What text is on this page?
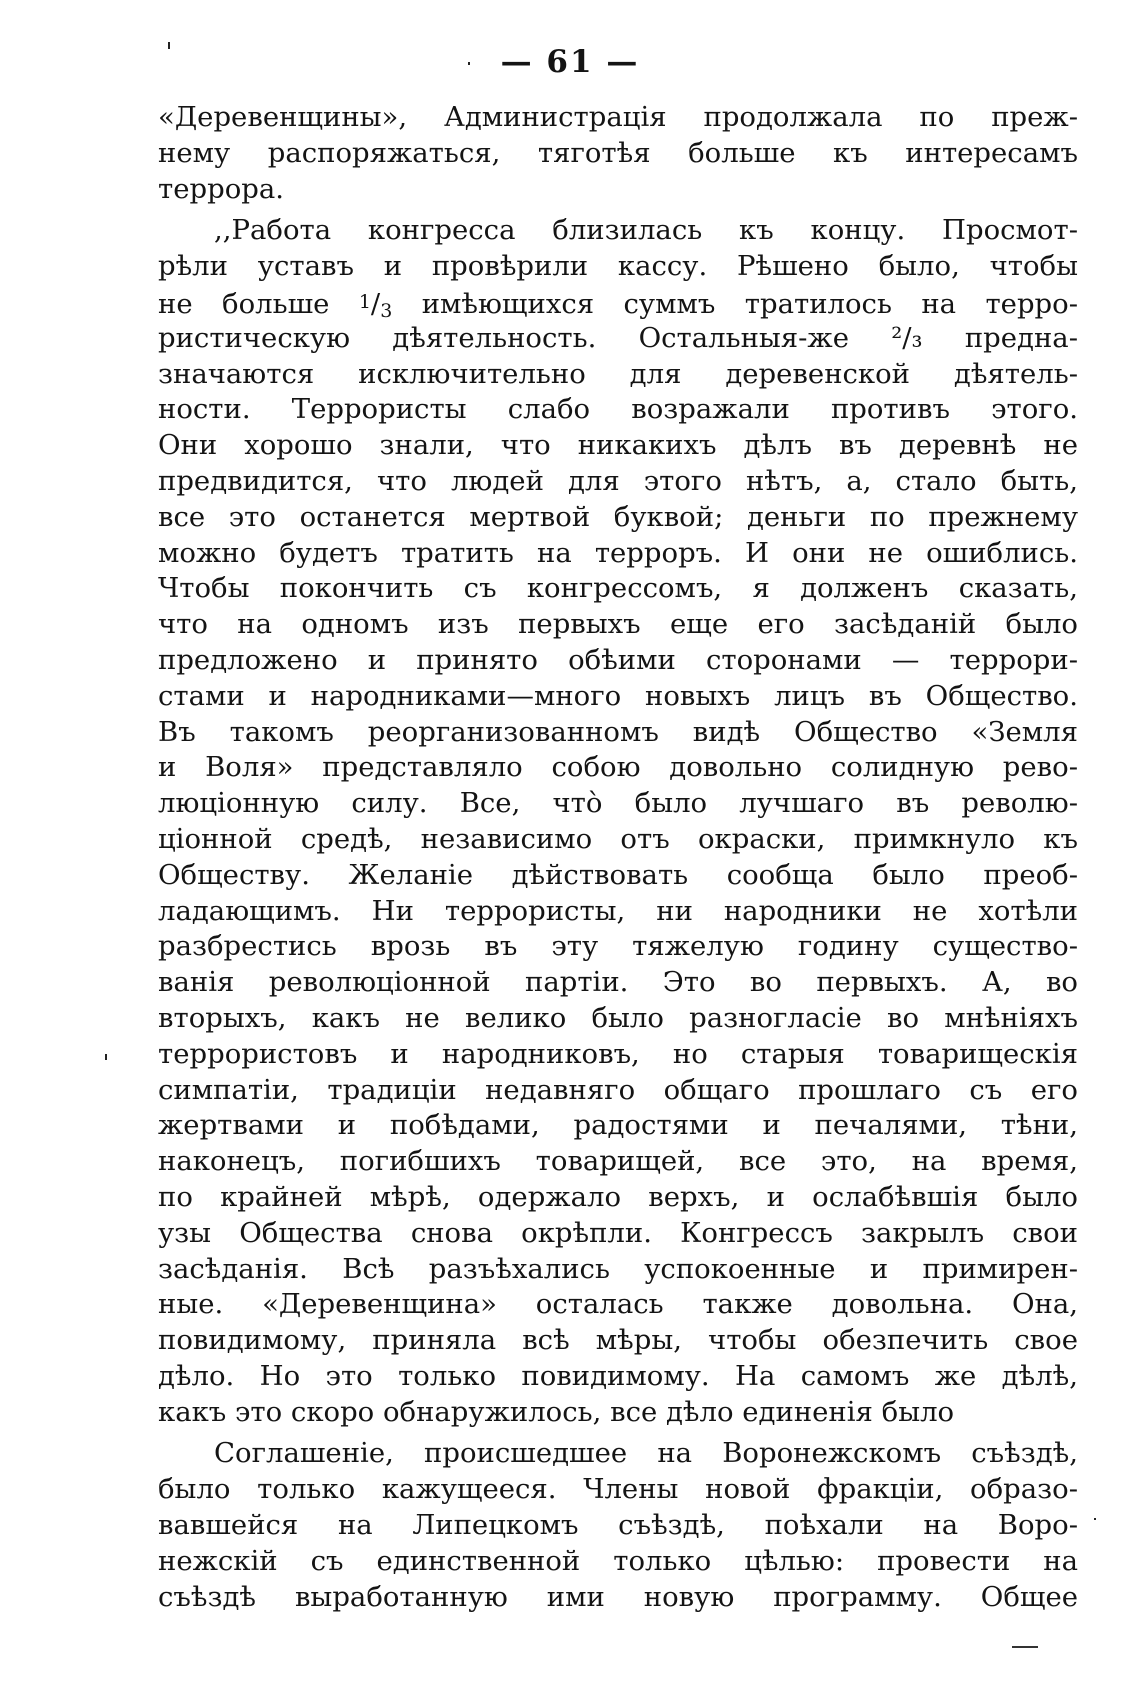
— 61 —
«Деревенщины», Администрація продолжала по преж-
нему распоряжаться, тяготѣя больше къ интересамъ
террора.
,,Работа конгресса близилась къ концу. Просмот-
рѣли уставъ и провѣрили кассу. Рѣшено было, чтобы
не больше $1/_3$ имѣющихся суммъ тратилось на терро-
ристическую дѣятельность. Остальныя-же ²/₃ предна-
значаются исключительно для деревенской дѣятель-
ности. Террористы слабо возражали противъ этого.
Они хорошо знали, что никакихъ дѣлъ въ деревнѣ не
предвидится, что людей для этого нѣтъ, а, стало быть,
все это останется мертвой буквой; деньги по прежнему
можно будетъ тратить на терроръ. И они не ошиблись.
Чтобы покончить съ конгрессомъ, я долженъ сказать,
что на одномъ изъ первыхъ еще его засѣданій было
предложено и принято обѣими сторонами — террори-
стами и народниками—много новыхъ лицъ въ Общество.
Въ такомъ реорганизованномъ видѣ Общество «Земля
и Воля» представляло собою довольно солидную рево-
люціонную силу. Все, чтò было лучшаго въ револю-
ціонной средѣ, независимо отъ окраски, примкнуло къ
Обществу. Желаніе дѣйствовать сообща было преоб-
ладающимъ. Ни террористы, ни народники не хотѣли
разбрестись врозь въ эту тяжелую годину существо-
ванія революціонной партіи. Это во первыхъ. А, во
вторыхъ, какъ не велико было разногласіе во мнѣніяхъ
террористовъ и народниковъ, но старыя товарищескія
симпатіи, традиціи недавняго общаго прошлаго съ его
жертвами и побѣдами, радостями и печалями, тѣни,
наконецъ, погибшихъ товарищей, все это, на время,
по крайней мѣрѣ, одержало верхъ, и ослабѣвшія было
узы Общества снова окрѣпли. Конгрессъ закрылъ свои
засѣданія. Всѣ разъѣхались успокоенные и примирен-
ные. «Деревенщина» осталась также довольна. Она,
повидимому, приняла всѣ мѣры, чтобы обезпечить свое
дѣло. Но это только повидимому. На самомъ же дѣлѣ,
какъ это скоро обнаружилось, все дѣло единенія было
Соглашеніе, происшедшее на Воронежскомъ съѣздѣ,
было только кажущееся. Члены новой фракціи, образо-
вавшейся на Липецкомъ съѣздѣ, поѣхали на Воро-
нежскій съ единственной только цѣлью: провести на
съѣздѣ выработанную ими новую программу. Общее
